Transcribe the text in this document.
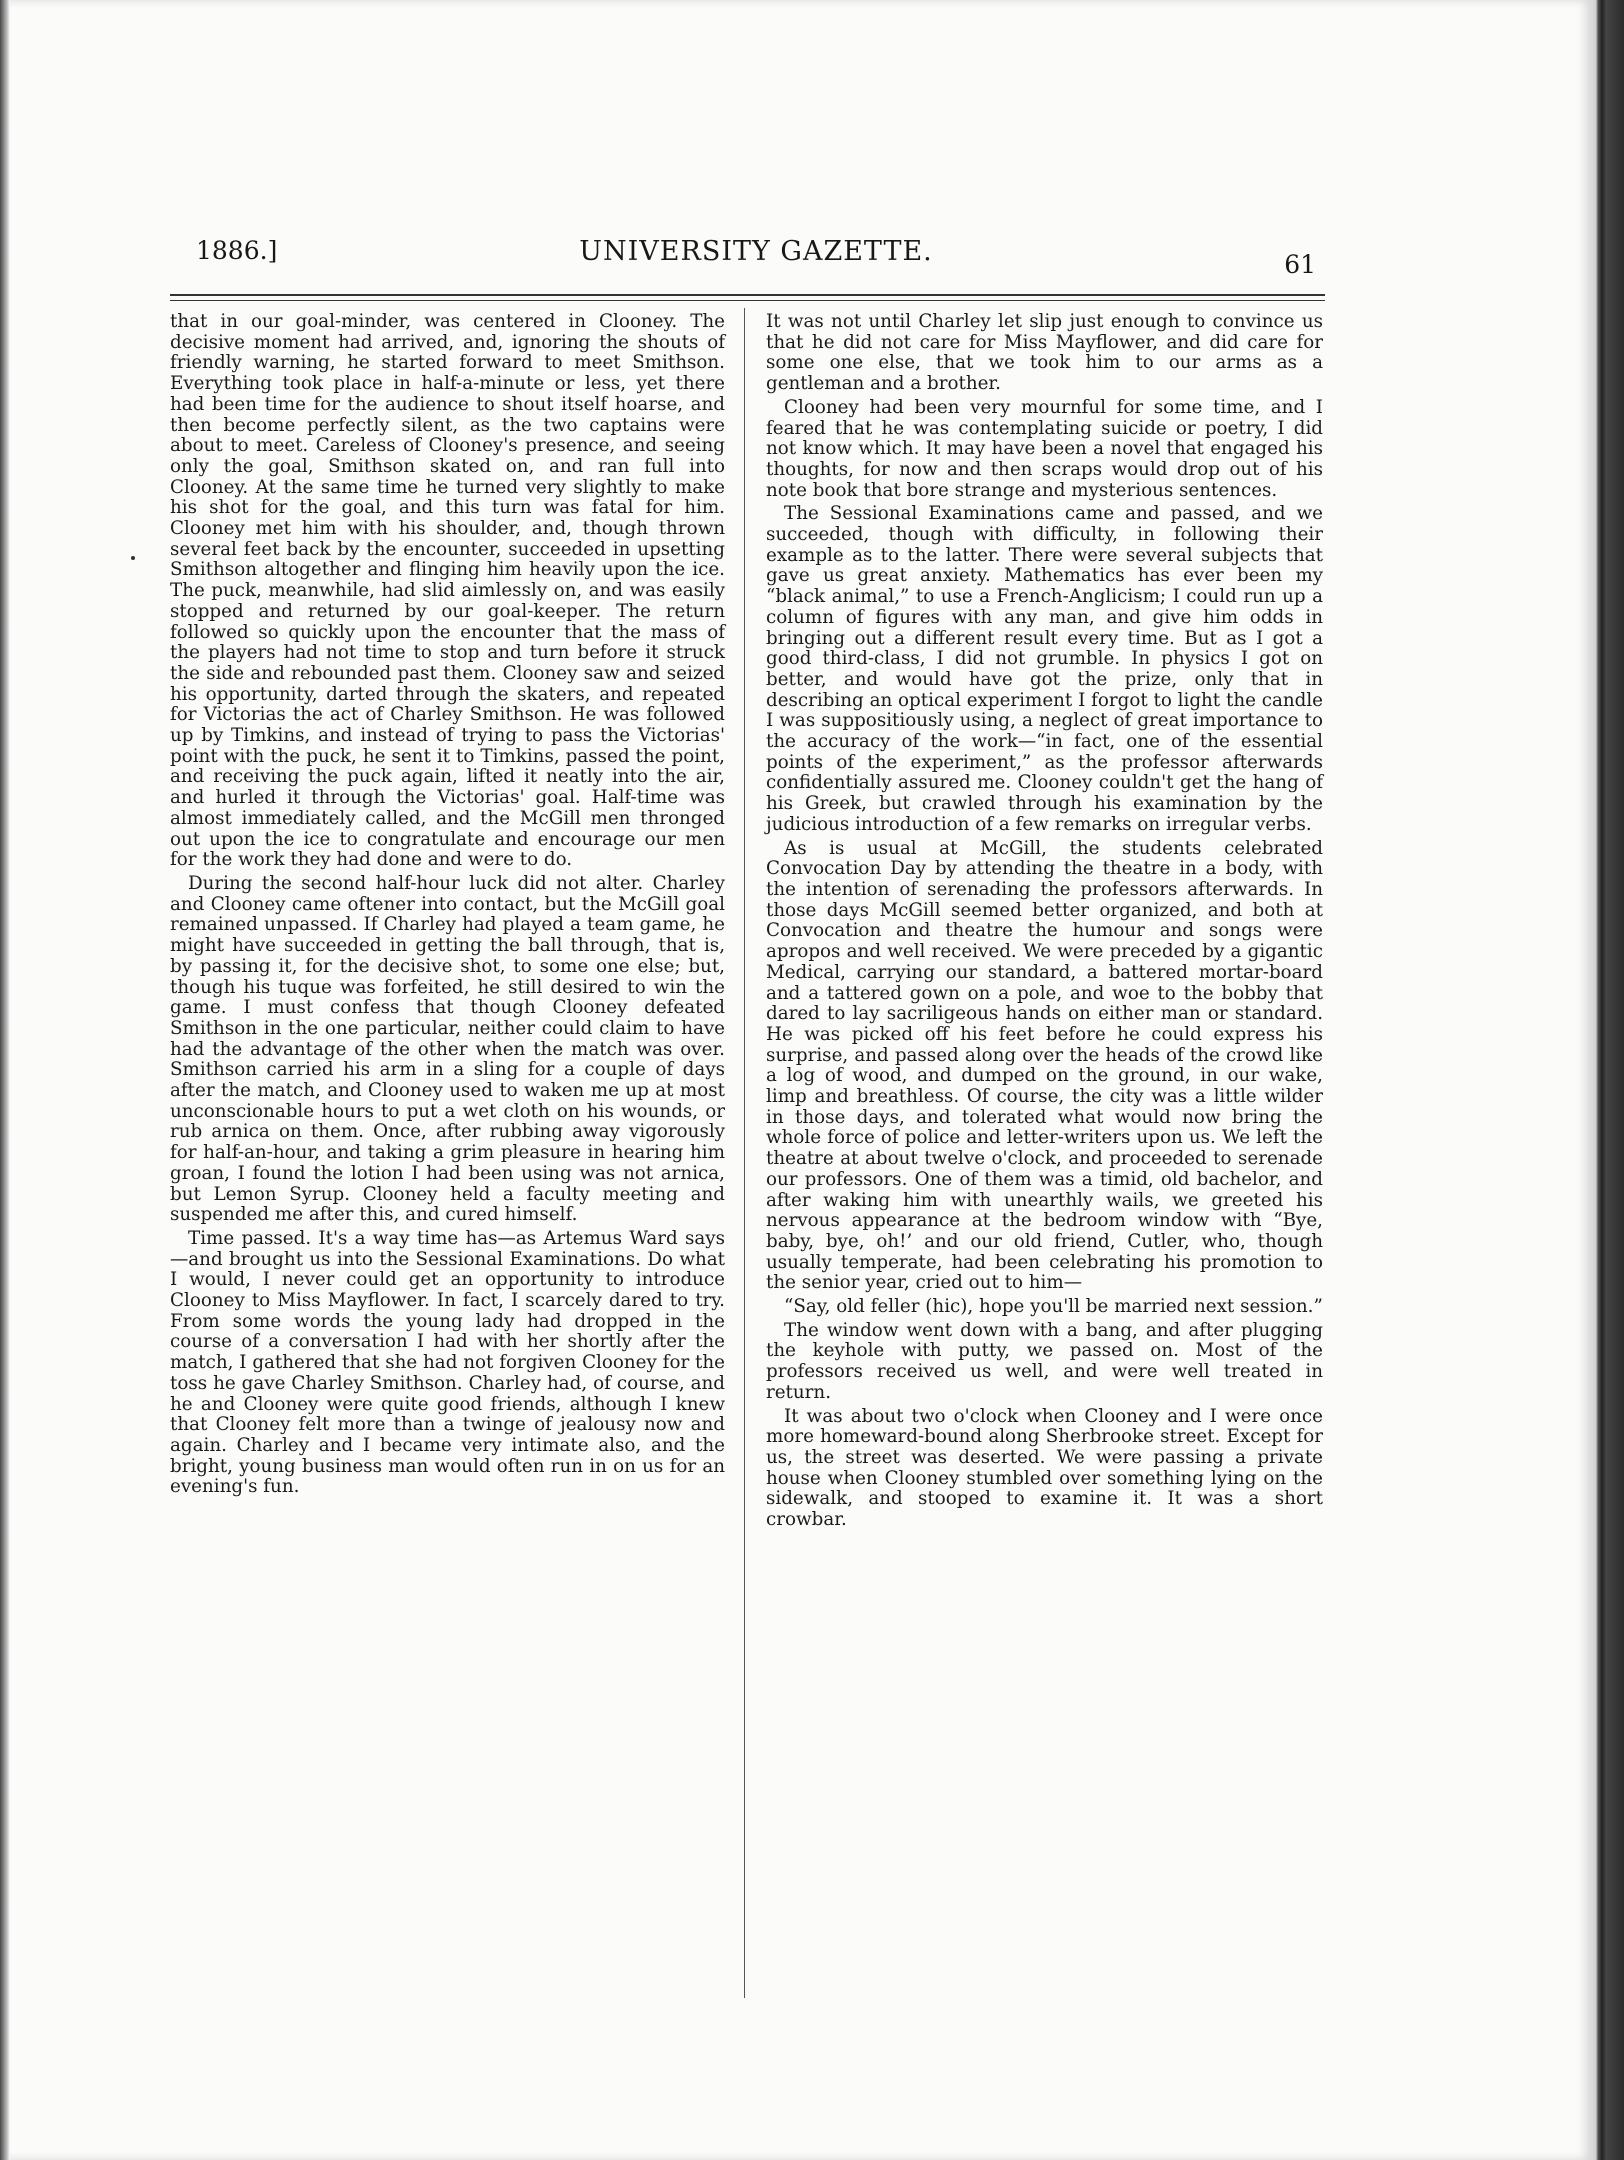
1886.]	UNIVERSITY GAZETTE.	61

that in our goal-minder, was centered in Clooney. The decisive moment had arrived, and, ignoring the shouts of friendly warning, he started forward to meet Smithson. Everything took place in half-a-minute or less, yet there had been time for the audience to shout itself hoarse, and then become perfectly silent, as the two captains were about to meet. Careless of Clooney's presence, and seeing only the goal, Smithson skated on, and ran full into Clooney. At the same time he turned very slightly to make his shot for the goal, and this turn was fatal for him. Clooney met him with his shoulder, and, though thrown several feet back by the encounter, succeeded in upsetting Smithson altogether and flinging him heavily upon the ice. The puck, meanwhile, had slid aimlessly on, and was easily stopped and returned by our goal-keeper. The return followed so quickly upon the encounter that the mass of the players had not time to stop and turn before it struck the side and rebounded past them. Clooney saw and seized his opportunity, darted through the skaters, and repeated for Victorias the act of Charley Smithson. He was followed up by Timkins, and instead of trying to pass the Victorias' point with the puck, he sent it to Timkins, passed the point, and receiving the puck again, lifted it neatly into the air, and hurled it through the Victorias' goal. Half-time was almost immediately called, and the McGill men thronged out upon the ice to congratulate and encourage our men for the work they had done and were to do.

During the second half-hour luck did not alter. Charley and Clooney came oftener into contact, but the McGill goal remained unpassed. If Charley had played a team game, he might have succeeded in getting the ball through, that is, by passing it, for the decisive shot, to some one else; but, though his tuque was forfeited, he still desired to win the game. I must confess that though Clooney defeated Smithson in the one particular, neither could claim to have had the advantage of the other when the match was over. Smithson carried his arm in a sling for a couple of days after the match, and Clooney used to waken me up at most unconscionable hours to put a wet cloth on his wounds, or rub arnica on them. Once, after rubbing away vigorously for half-an-hour, and taking a grim pleasure in hearing him groan, I found the lotion I had been using was not arnica, but Lemon Syrup. Clooney held a faculty meeting and suspended me after this, and cured himself.

Time passed. It's a way time has—as Artemus Ward says—and brought us into the Sessional Examinations. Do what I would, I never could get an opportunity to introduce Clooney to Miss Mayflower. In fact, I scarcely dared to try. From some words the young lady had dropped in the course of a conversation I had with her shortly after the match, I gathered that she had not forgiven Clooney for the toss he gave Charley Smithson. Charley had, of course, and he and Clooney were quite good friends, although I knew that Clooney felt more than a twinge of jealousy now and again. Charley and I became very intimate also, and the bright, young business man would often run in on us for an evening's fun.

It was not until Charley let slip just enough to convince us that he did not care for Miss Mayflower, and did care for some one else, that we took him to our arms as a gentleman and a brother.

Clooney had been very mournful for some time, and I feared that he was contemplating suicide or poetry, I did not know which. It may have been a novel that engaged his thoughts, for now and then scraps would drop out of his note book that bore strange and mysterious sentences.

The Sessional Examinations came and passed, and we succeeded, though with difficulty, in following their example as to the latter. There were several subjects that gave us great anxiety. Mathematics has ever been my “black animal,” to use a French-Anglicism; I could run up a column of figures with any man, and give him odds in bringing out a different result every time. But as I got a good third-class, I did not grumble. In physics I got on better, and would have got the prize, only that in describing an optical experiment I forgot to light the candle I was suppositiously using, a neglect of great importance to the accuracy of the work—“in fact, one of the essential points of the experiment,” as the professor afterwards confidentially assured me. Clooney couldn't get the hang of his Greek, but crawled through his examination by the judicious introduction of a few remarks on irregular verbs.

As is usual at McGill, the students celebrated Convocation Day by attending the theatre in a body, with the intention of serenading the professors afterwards. In those days McGill seemed better organized, and both at Convocation and theatre the humour and songs were apropos and well received. We were preceded by a gigantic Medical, carrying our standard, a battered mortar-board and a tattered gown on a pole, and woe to the bobby that dared to lay sacriligeous hands on either man or standard. He was picked off his feet before he could express his surprise, and passed along over the heads of the crowd like a log of wood, and dumped on the ground, in our wake, limp and breathless. Of course, the city was a little wilder in those days, and tolerated what would now bring the whole force of police and letter-writers upon us. We left the theatre at about twelve o'clock, and proceeded to serenade our professors. One of them was a timid, old bachelor, and after waking him with unearthly wails, we greeted his nervous appearance at the bedroom window with “Bye, baby, bye, oh!’ and our old friend, Cutler, who, though usually temperate, had been celebrating his promotion to the senior year, cried out to him—

“Say, old feller (hic), hope you'll be married next session.”

The window went down with a bang, and after plugging the keyhole with putty, we passed on. Most of the professors received us well, and were well treated in return.

It was about two o'clock when Clooney and I were once more homeward-bound along Sherbrooke street. Except for us, the street was deserted. We were passing a private house when Clooney stumbled over something lying on the sidewalk, and stooped to examine it. It was a short crowbar.
